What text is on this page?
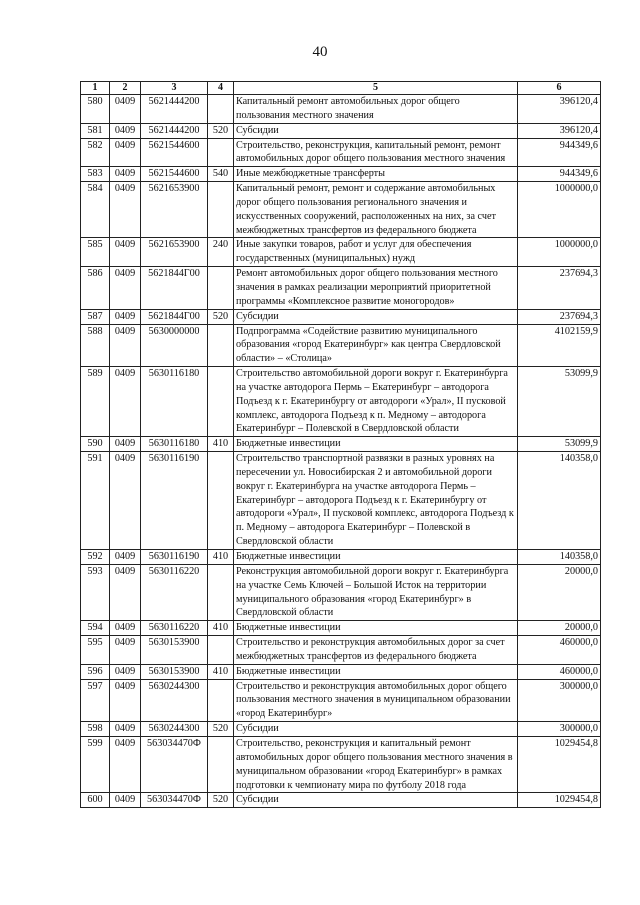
40
1	2	3	4	5	6
580	0409	5621444200		Капитальный ремонт автомобильных дорог общего пользования местного значения	396120,4
581	0409	5621444200	520	Субсидии	396120,4
582	0409	5621544600		Строительство, реконструкция, капитальный ремонт, ремонт автомобильных дорог общего пользования местного значения	944349,6
583	0409	5621544600	540	Иные межбюджетные трансферты	944349,6
584	0409	5621653900		Капитальный ремонт, ремонт и содержание автомобильных дорог общего пользования регионального значения и искусственных сооружений, расположенных на них, за счет межбюджетных трансфертов из федерального бюджета	1000000,0
585	0409	5621653900	240	Иные закупки товаров, работ и услуг для обеспечения государственных (муниципальных) нужд	1000000,0
586	0409	5621844Г00		Ремонт автомобильных дорог общего пользования местного значения в рамках реализации мероприятий приоритетной программы «Комплексное развитие моногородов»	237694,3
587	0409	5621844Г00	520	Субсидии	237694,3
588	0409	5630000000		Подпрограмма «Содействие развитию муниципального образования «город Екатеринбург» как центра Свердловской области» – «Столица»	4102159,9
589	0409	5630116180		Строительство автомобильной дороги вокруг г. Екатеринбурга на участке автодорога Пермь – Екатеринбург – автодорога Подъезд к г. Екатеринбургу от автодороги «Урал», II пусковой комплекс, автодорога Подъезд к п. Медному – автодорога Екатеринбург – Полевской в Свердловской области	53099,9
590	0409	5630116180	410	Бюджетные инвестиции	53099,9
591	0409	5630116190		Строительство транспортной развязки в разных уровнях на пересечении ул. Новосибирская 2 и автомобильной дороги вокруг г. Екатеринбурга на участке автодорога Пермь – Екатеринбург – автодорога Подъезд к г. Екатеринбургу от автодороги «Урал», II пусковой комплекс, автодорога Подъезд к п. Медному – автодорога Екатеринбург – Полевской в Свердловской области	140358,0
592	0409	5630116190	410	Бюджетные инвестиции	140358,0
593	0409	5630116220		Реконструкция автомобильной дороги вокруг г. Екатеринбурга на участке Семь Ключей – Большой Исток на территории муниципального образования «город Екатеринбург» в Свердловской области	20000,0
594	0409	5630116220	410	Бюджетные инвестиции	20000,0
595	0409	5630153900		Строительство и реконструкция автомобильных дорог за счет межбюджетных трансфертов из федерального бюджета	460000,0
596	0409	5630153900	410	Бюджетные инвестиции	460000,0
597	0409	5630244300		Строительство и реконструкция автомобильных дорог общего пользования местного значения в муниципальном образовании «город Екатеринбург»	300000,0
598	0409	5630244300	520	Субсидии	300000,0
599	0409	563034470Ф		Строительство, реконструкция и капитальный ремонт автомобильных дорог общего пользования местного значения в муниципальном образовании «город Екатеринбург» в рамках подготовки к чемпионату мира по футболу 2018 года	1029454,8
600	0409	563034470Ф	520	Субсидии	1029454,8
